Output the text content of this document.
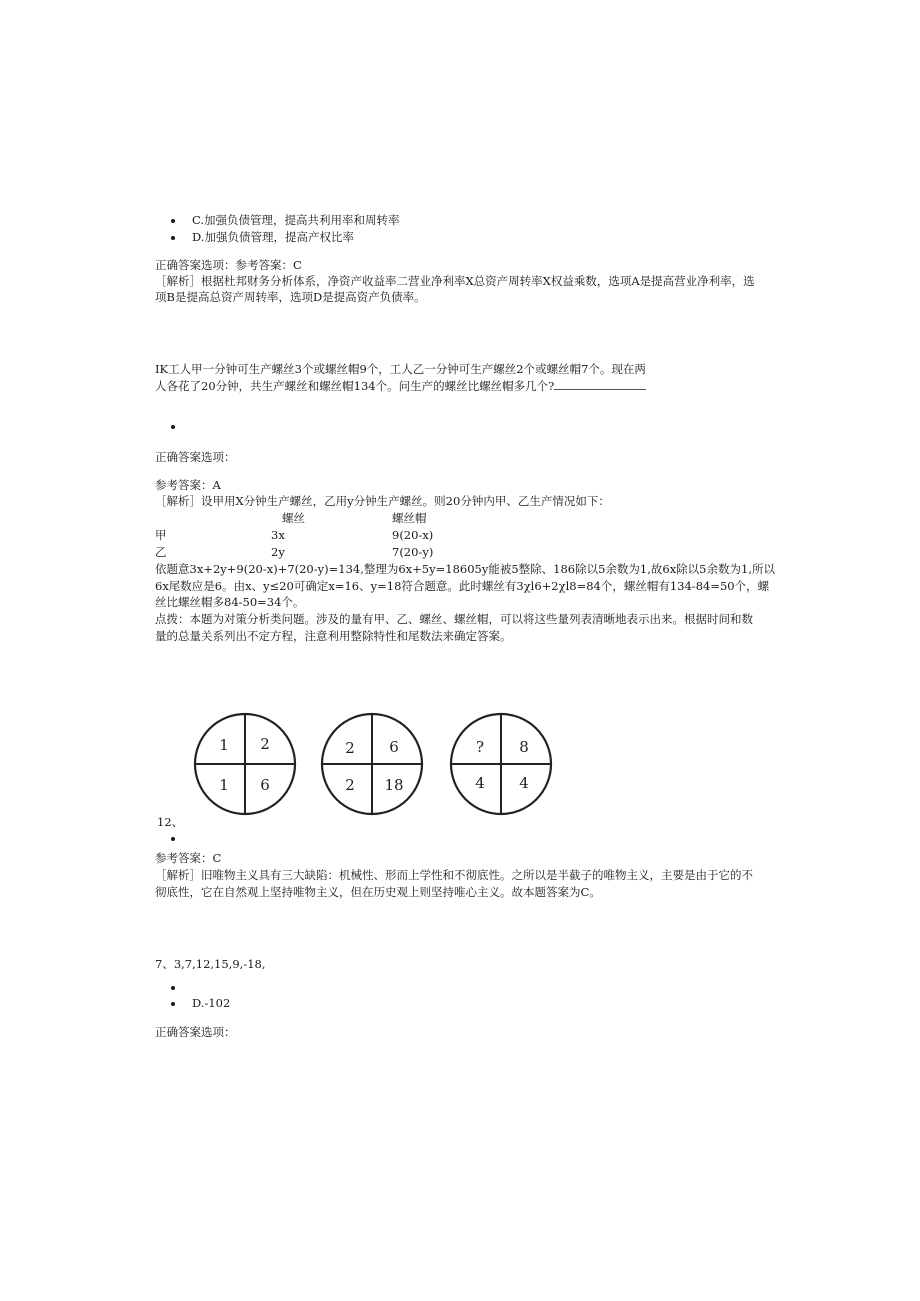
C.加强负债管理，提高共利用率和周转率
D.加强负债管理，提高产权比率
正确答案选项：参考答案：C
［解析］根据杜邦财务分析体系，净资产收益率二营业净利率X总资产周转率X权益乘数，选项A是提高营业净利率，选
项B是提高总资产周转率，选项D是提高资产负债率。
IK工人甲一分钟可生产螺丝3个或螺丝帽9个，工人乙一分钟可生产螺丝2个或螺丝帽7个。现在两
人各花了20分钟，共生产螺丝和螺丝帽134个。问生产的螺丝比螺丝帽多几个?
正确答案选项：
参考答案：A
［解析］设甲用X分钟生产螺丝，乙用y分钟生产螺丝。则20分钟内甲、乙生产情况如下：
螺丝	螺丝帽
甲	3x	9(20-x)
乙	2y	7(20-y)
依题意3x+2y+9(20-x)+7(20-y)=134,整理为6x+5y=18605y能被5整除、186除以5余数为1,故6x除以5余数为1,所以
6x尾数应是6。由x、y≤20可确定x=16、y=18符合题意。此时螺丝有3χl6+2χl8=84个，螺丝帽有134-84=50个，螺
丝比螺丝帽多84-50=34个。
点拨：本题为对策分析类问题。涉及的量有甲、乙、螺丝、螺丝帽，可以将这些量列表清晰地表示出来。根据时间和数
量的总量关系列出不定方程，注意利用整除特性和尾数法来确定答案。
1 2
1 6
2 6
2 18
? 8
4 4
12、
参考答案：C
［解析］旧唯物主义具有三大缺陷：机械性、形而上学性和不彻底性。之所以是半截子的唯物主义，主要是由于它的不
彻底性，它在自然观上坚持唯物主义，但在历史观上则坚持唯心主义。故本题答案为C。
7、3,7,12,15,9,-18,
D.-102
正确答案选项：
